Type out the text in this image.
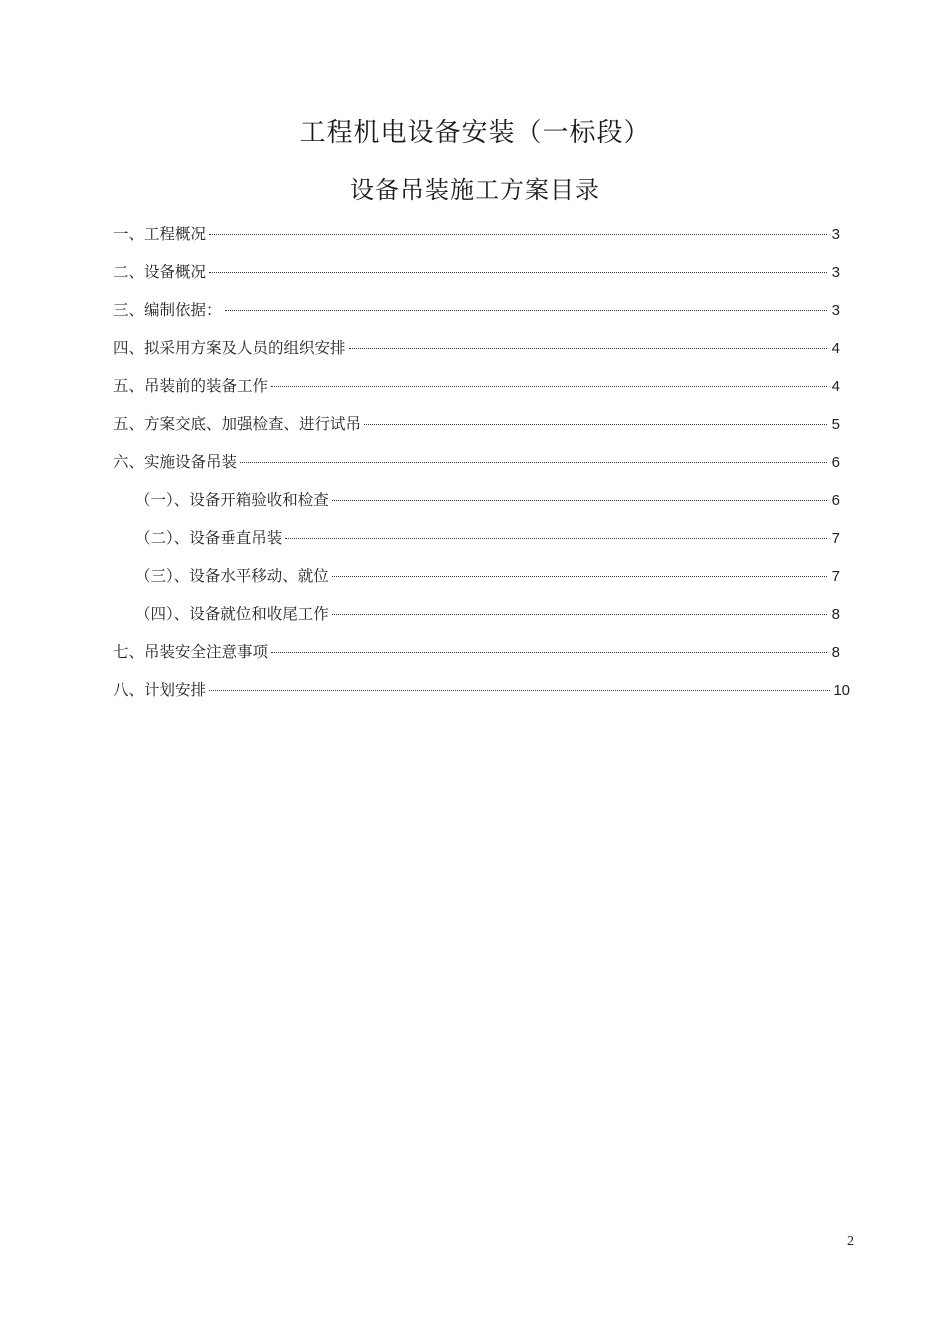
工程机电设备安装（一标段）
设备吊装施工方案目录
一、工程概况	3
二、设备概况	3
三、编制依据：	3
四、拟采用方案及人员的组织安排	4
五、吊装前的装备工作	4
五、方案交底、加强检查、进行试吊	5
六、实施设备吊装	6
（一）、设备开箱验收和检查	6
（二）、设备垂直吊装	7
（三）、设备水平移动、就位	7
（四）、设备就位和收尾工作	8
七、吊装安全注意事项	8
八、计划安排	10
2
